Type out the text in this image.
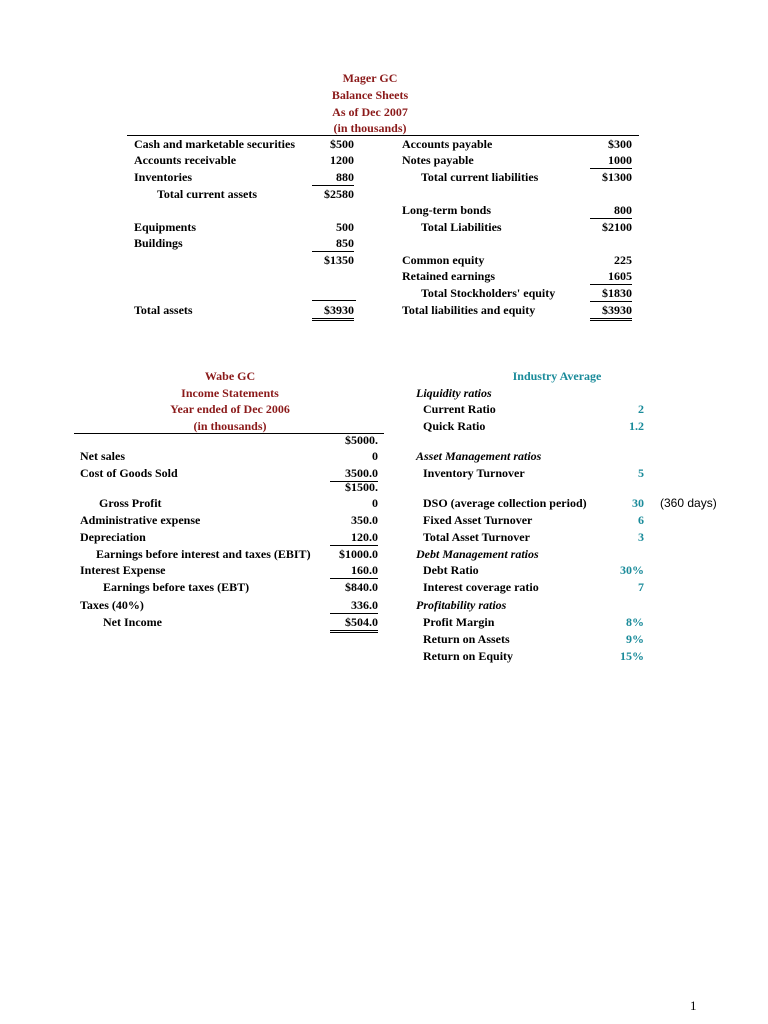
Mager GC
Balance Sheets
As of Dec 2007
(in thousands)
Cash and marketable securities
Accounts receivable
Inventories
Total current assets
Equipments
Buildings
Total assets
$500
1200
880
$2580
500
850
$1350
$3930
Accounts payable
Notes payable
Total current liabilities
Long-term bonds
Total Liabilities
Common equity
Retained earnings
Total Stockholders' equity
Total liabilities and equity
$300
1000
$1300
800
$2100
225
1605
$1830
$3930
Wabe GC
Income Statements
Year ended of Dec 2006
(in thousands)
Net sales
Cost of Goods Sold
Gross Profit
Administrative expense
Depreciation
Earnings before interest and taxes (EBIT)
Interest Expense
Earnings before taxes (EBT)
Taxes (40%)
Net Income
$5000.
0
3500.0
$1500.
0
350.0
120.0
$1000.0
160.0
$840.0
336.0
$504.0
Industry Average
Liquidity ratios
Current Ratio
Quick Ratio
Asset Management ratios
Inventory Turnover
DSO (average collection period)
Fixed Asset Turnover
Total Asset Turnover
Debt Management ratios
Debt Ratio
Interest coverage ratio
Profitability ratios
Profit Margin
Return on Assets
Return on Equity
2
1.2
5
30 (360 days)
6
3
30%
7
8%
9%
15%
1
